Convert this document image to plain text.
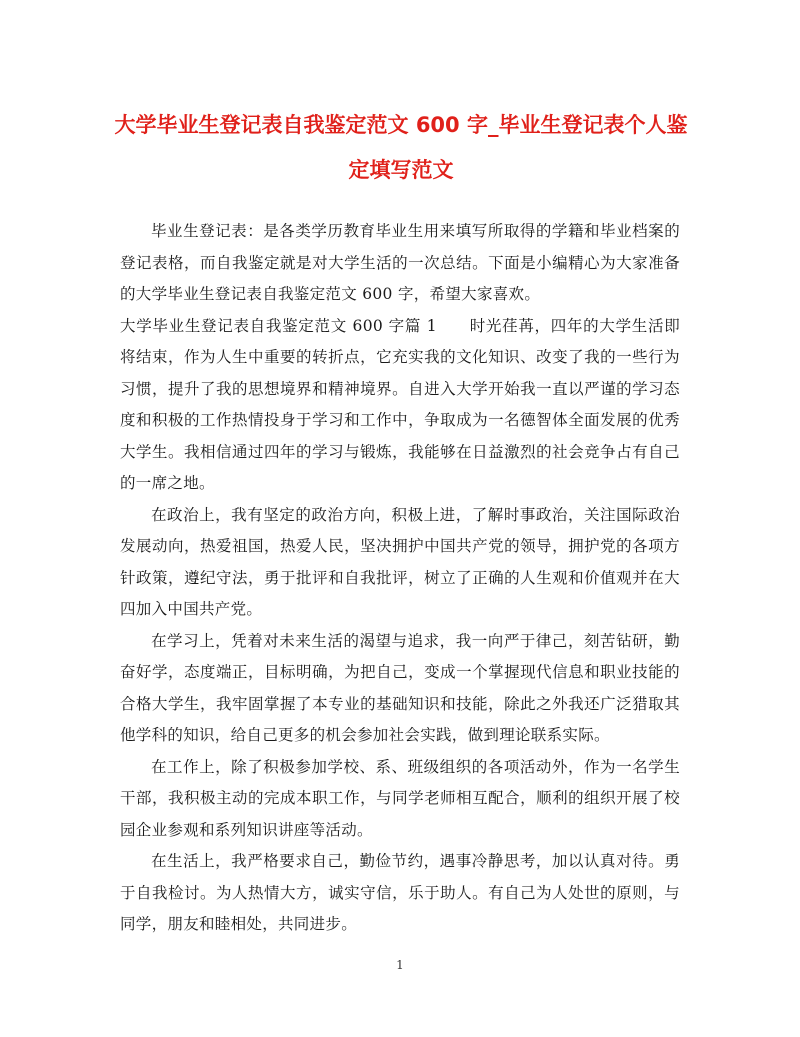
大学毕业生登记表自我鉴定范文 600 字_毕业生登记表个人鉴定填写范文

毕业生登记表：是各类学历教育毕业生用来填写所取得的学籍和毕业档案的登记表格，而自我鉴定就是对大学生活的一次总结。下面是小编精心为大家准备的大学毕业生登记表自我鉴定范文 600 字，希望大家喜欢。

大学毕业生登记表自我鉴定范文 600 字篇 1　　时光荏苒，四年的大学生活即将结束，作为人生中重要的转折点，它充实我的文化知识、改变了我的一些行为习惯，提升了我的思想境界和精神境界。自进入大学开始我一直以严谨的学习态度和积极的工作热情投身于学习和工作中，争取成为一名德智体全面发展的优秀大学生。我相信通过四年的学习与锻炼，我能够在日益激烈的社会竞争占有自己的一席之地。

在政治上，我有坚定的政治方向，积极上进，了解时事政治，关注国际政治发展动向，热爱祖国，热爱人民，坚决拥护中国共产党的领导，拥护党的各项方针政策，遵纪守法，勇于批评和自我批评，树立了正确的人生观和价值观并在大四加入中国共产党。

在学习上，凭着对未来生活的渴望与追求，我一向严于律己，刻苦钻研，勤奋好学，态度端正，目标明确，为把自己，变成一个掌握现代信息和职业技能的合格大学生，我牢固掌握了本专业的基础知识和技能，除此之外我还广泛猎取其他学科的知识，给自己更多的机会参加社会实践，做到理论联系实际。

在工作上，除了积极参加学校、系、班级组织的各项活动外，作为一名学生干部，我积极主动的完成本职工作，与同学老师相互配合，顺利的组织开展了校园企业参观和系列知识讲座等活动。

在生活上，我严格要求自己，勤俭节约，遇事冷静思考，加以认真对待。勇于自我检讨。为人热情大方，诚实守信，乐于助人。有自己为人处世的原则，与同学，朋友和睦相处，共同进步。

1
